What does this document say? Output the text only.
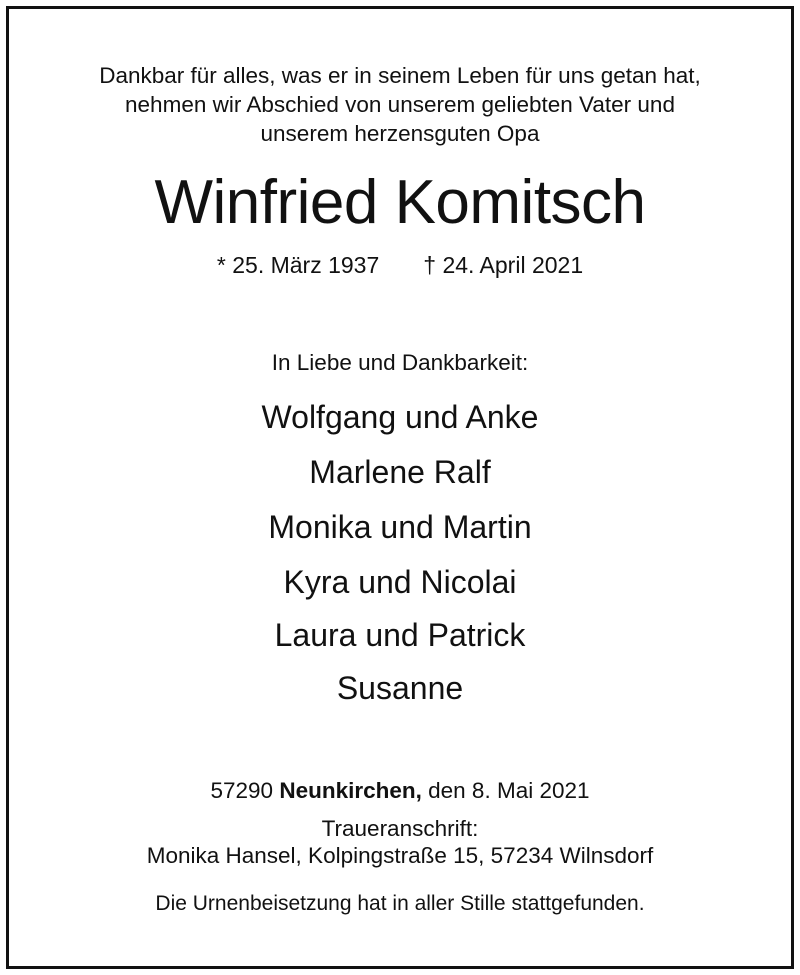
Dankbar für alles, was er in seinem Leben für uns getan hat,
nehmen wir Abschied von unserem geliebten Vater und
unserem herzensguten Opa
Winfried Komitsch
* 25. März 1937 † 24. April 2021
In Liebe und Dankbarkeit:
Wolfgang und Anke
Marlene Ralf
Monika und Martin
Kyra und Nicolai
Laura und Patrick
Susanne
57290 Neunkirchen, den 8. Mai 2021
Traueranschrift:
Monika Hansel, Kolpingstraße 15, 57234 Wilnsdorf
Die Urnenbeisetzung hat in aller Stille stattgefunden.
